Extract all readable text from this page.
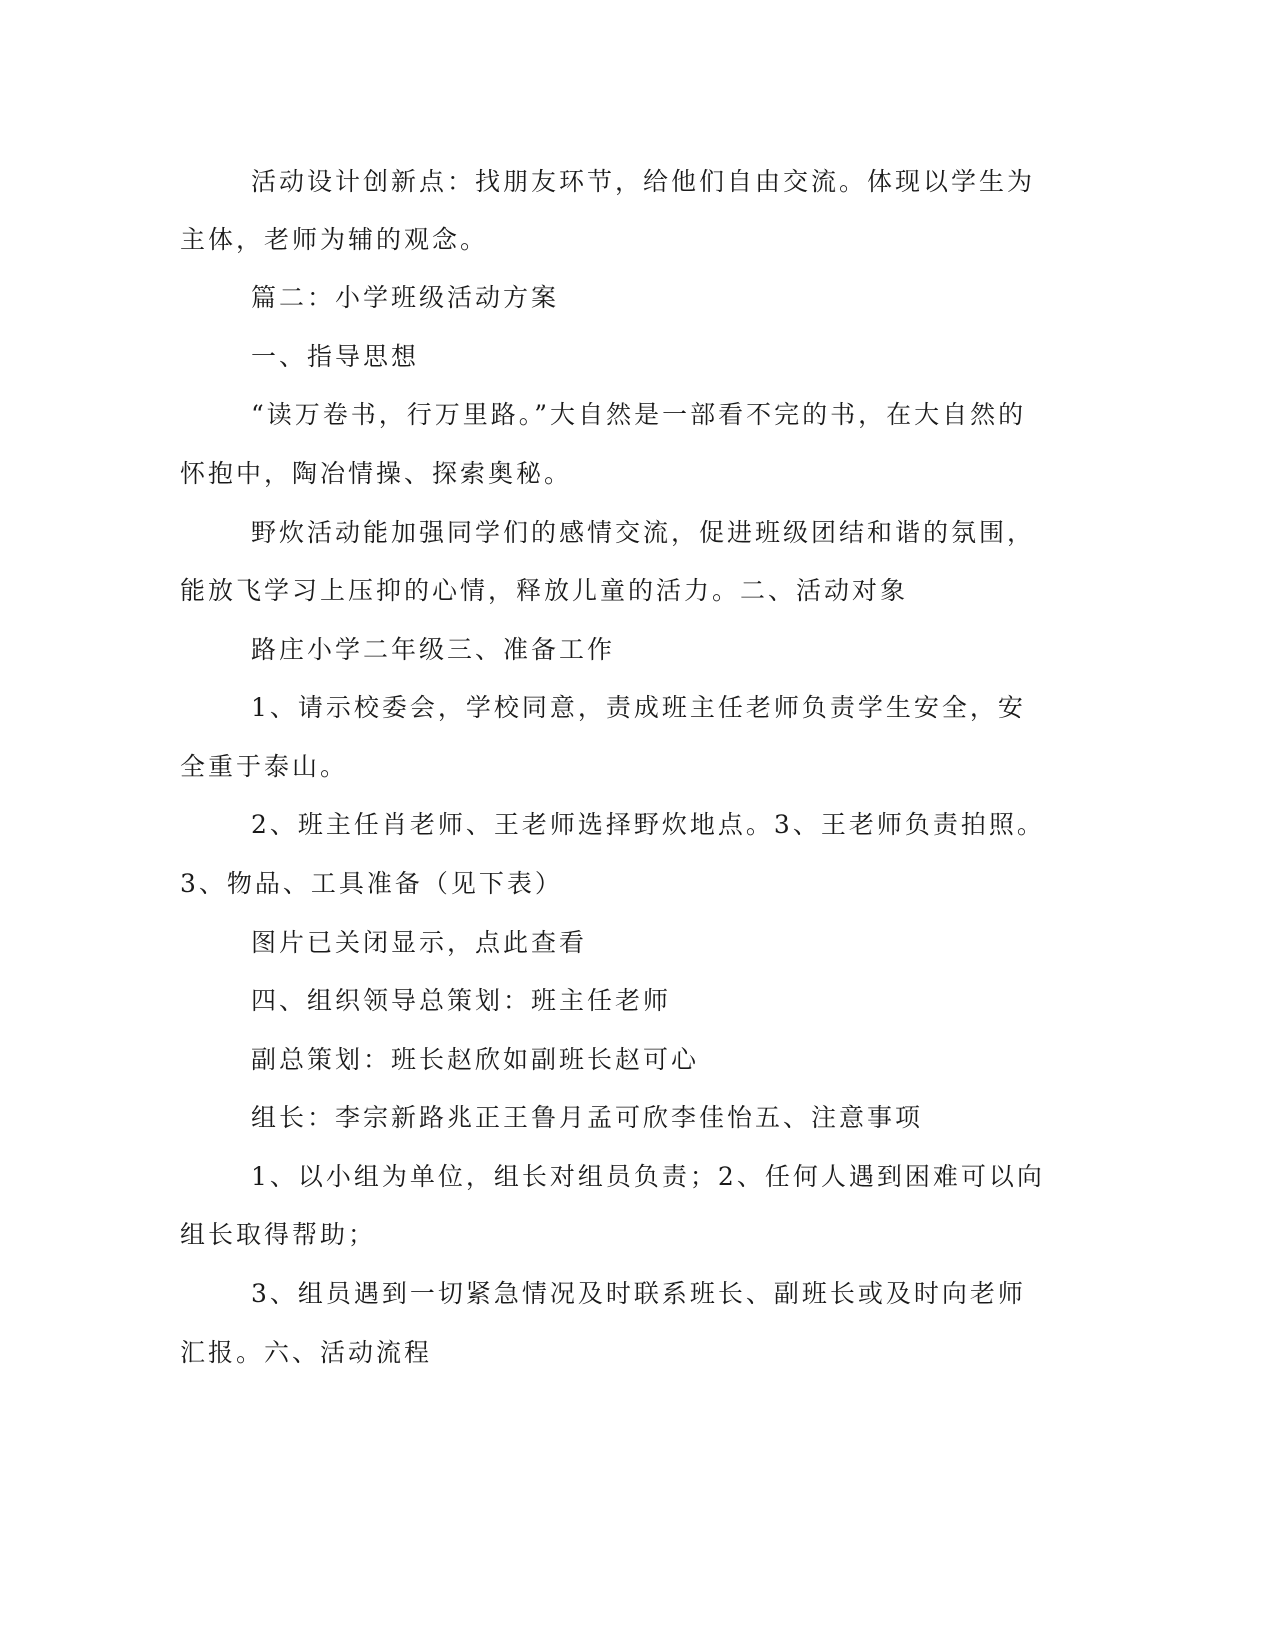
活动设计创新点：找朋友环节，给他们自由交流。体现以学生为
主体，老师为辅的观念。
篇二：小学班级活动方案
一、指导思想
“读万卷书，行万里路。”大自然是一部看不完的书，在大自然的
怀抱中，陶冶情操、探索奥秘。
野炊活动能加强同学们的感情交流，促进班级团结和谐的氛围，
能放飞学习上压抑的心情，释放儿童的活力。二、活动对象
路庄小学二年级三、准备工作
1、请示校委会，学校同意，责成班主任老师负责学生安全，安
全重于泰山。
2、班主任肖老师、王老师选择野炊地点。3、王老师负责拍照。
3、物品、工具准备（见下表）
图片已关闭显示，点此查看
四、组织领导总策划：班主任老师
副总策划：班长赵欣如副班长赵可心
组长：李宗新路兆正王鲁月孟可欣李佳怡五、注意事项
1、以小组为单位，组长对组员负责；2、任何人遇到困难可以向
组长取得帮助；
3、组员遇到一切紧急情况及时联系班长、副班长或及时向老师
汇报。六、活动流程
